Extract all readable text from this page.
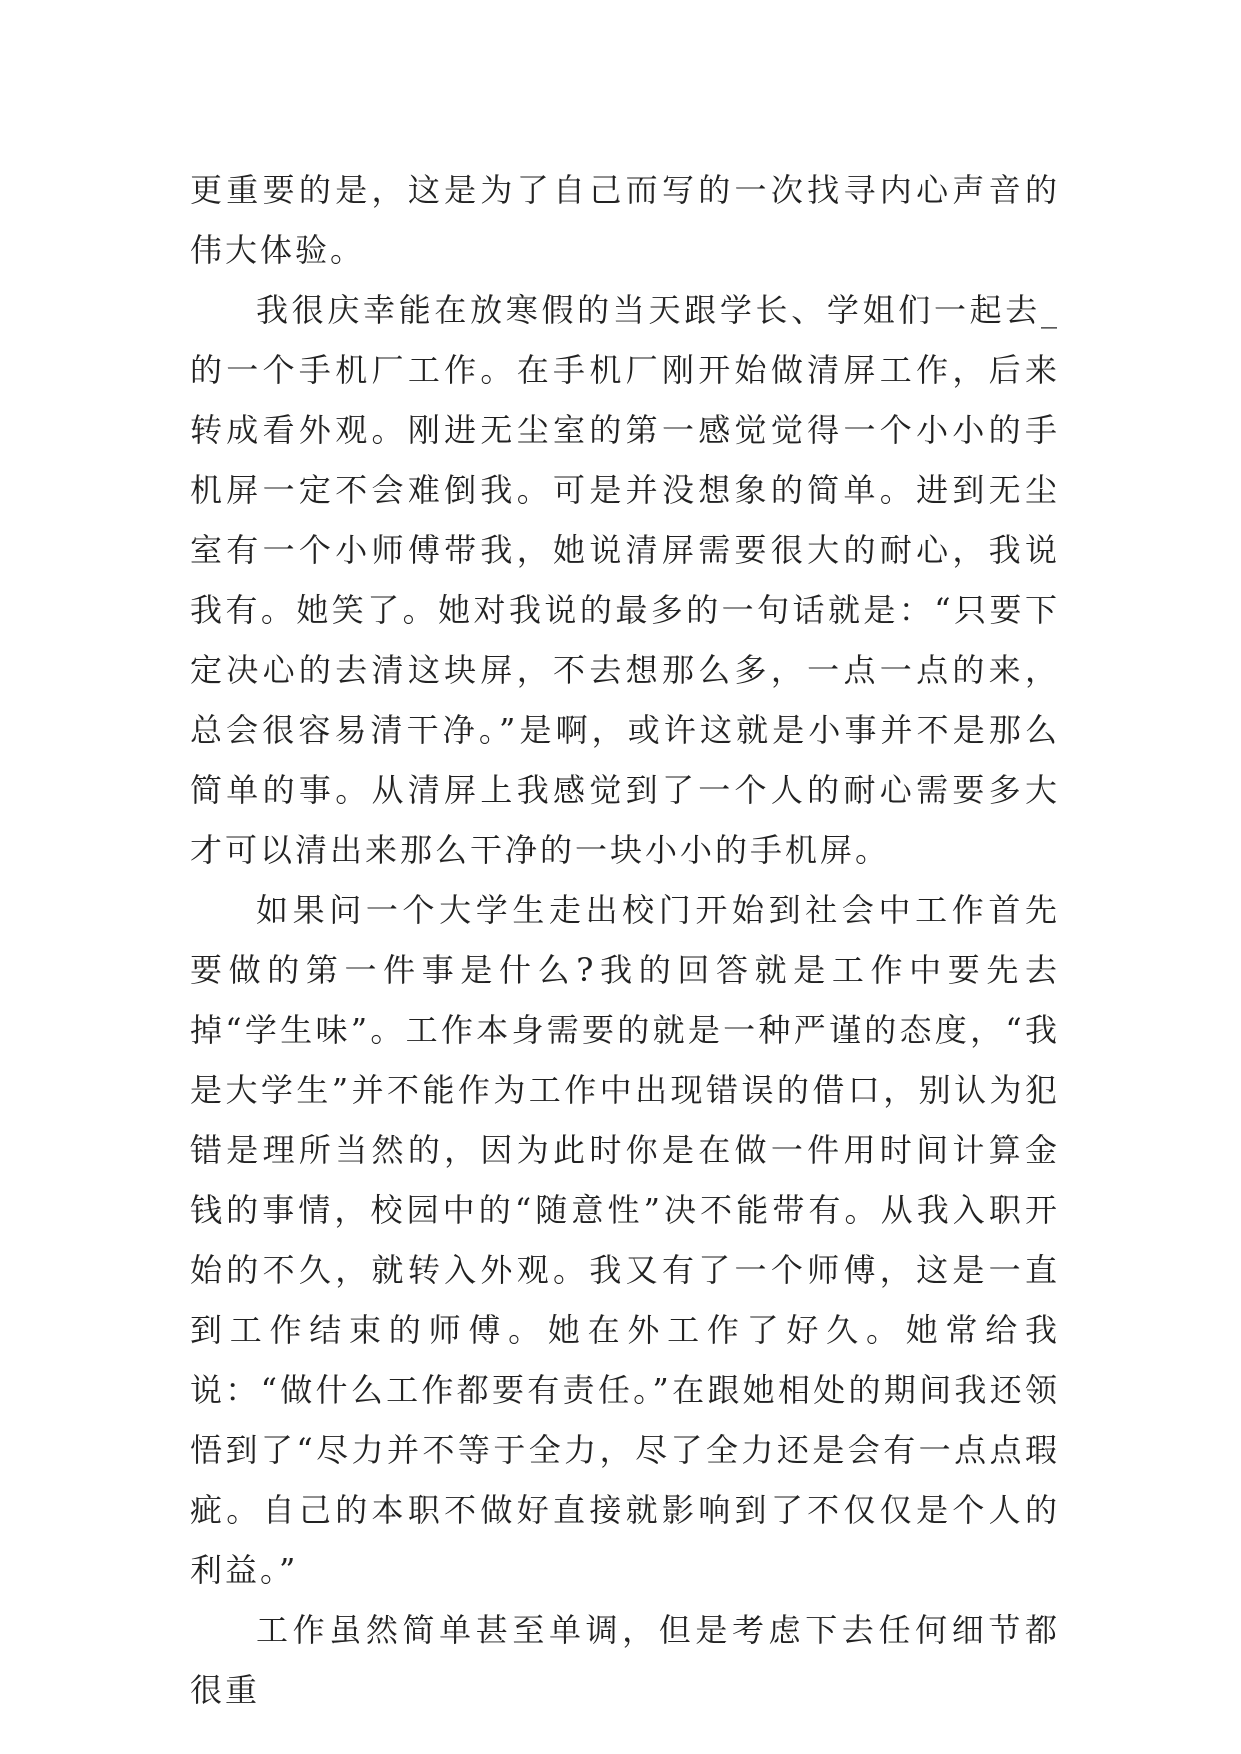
更重要的是，这是为了自己而写的一次找寻内心声音的伟大体验。

我很庆幸能在放寒假的当天跟学长、学姐们一起去_的一个手机厂工作。在手机厂刚开始做清屏工作，后来转成看外观。刚进无尘室的第一感觉觉得一个小小的手机屏一定不会难倒我。可是并没想象的简单。进到无尘室有一个小师傅带我，她说清屏需要很大的耐心，我说我有。她笑了。她对我说的最多的一句话就是：“只要下定决心的去清这块屏，不去想那么多，一点一点的来，总会很容易清干净。”是啊，或许这就是小事并不是那么简单的事。从清屏上我感觉到了一个人的耐心需要多大才可以清出来那么干净的一块小小的手机屏。

如果问一个大学生走出校门开始到社会中工作首先要做的第一件事是什么?我的回答就是工作中要先去掉“学生味”。工作本身需要的就是一种严谨的态度，“我是大学生”并不能作为工作中出现错误的借口，别认为犯错是理所当然的，因为此时你是在做一件用时间计算金钱的事情，校园中的“随意性”决不能带有。从我入职开始的不久，就转入外观。我又有了一个师傅，这是一直到工作结束的师傅。她在外工作了好久。她常给我说：“做什么工作都要有责任。”在跟她相处的期间我还领悟到了“尽力并不等于全力，尽了全力还是会有一点点瑕疵。自己的本职不做好直接就影响到了不仅仅是个人的利益。”

工作虽然简单甚至单调，但是考虑下去任何细节都很重
